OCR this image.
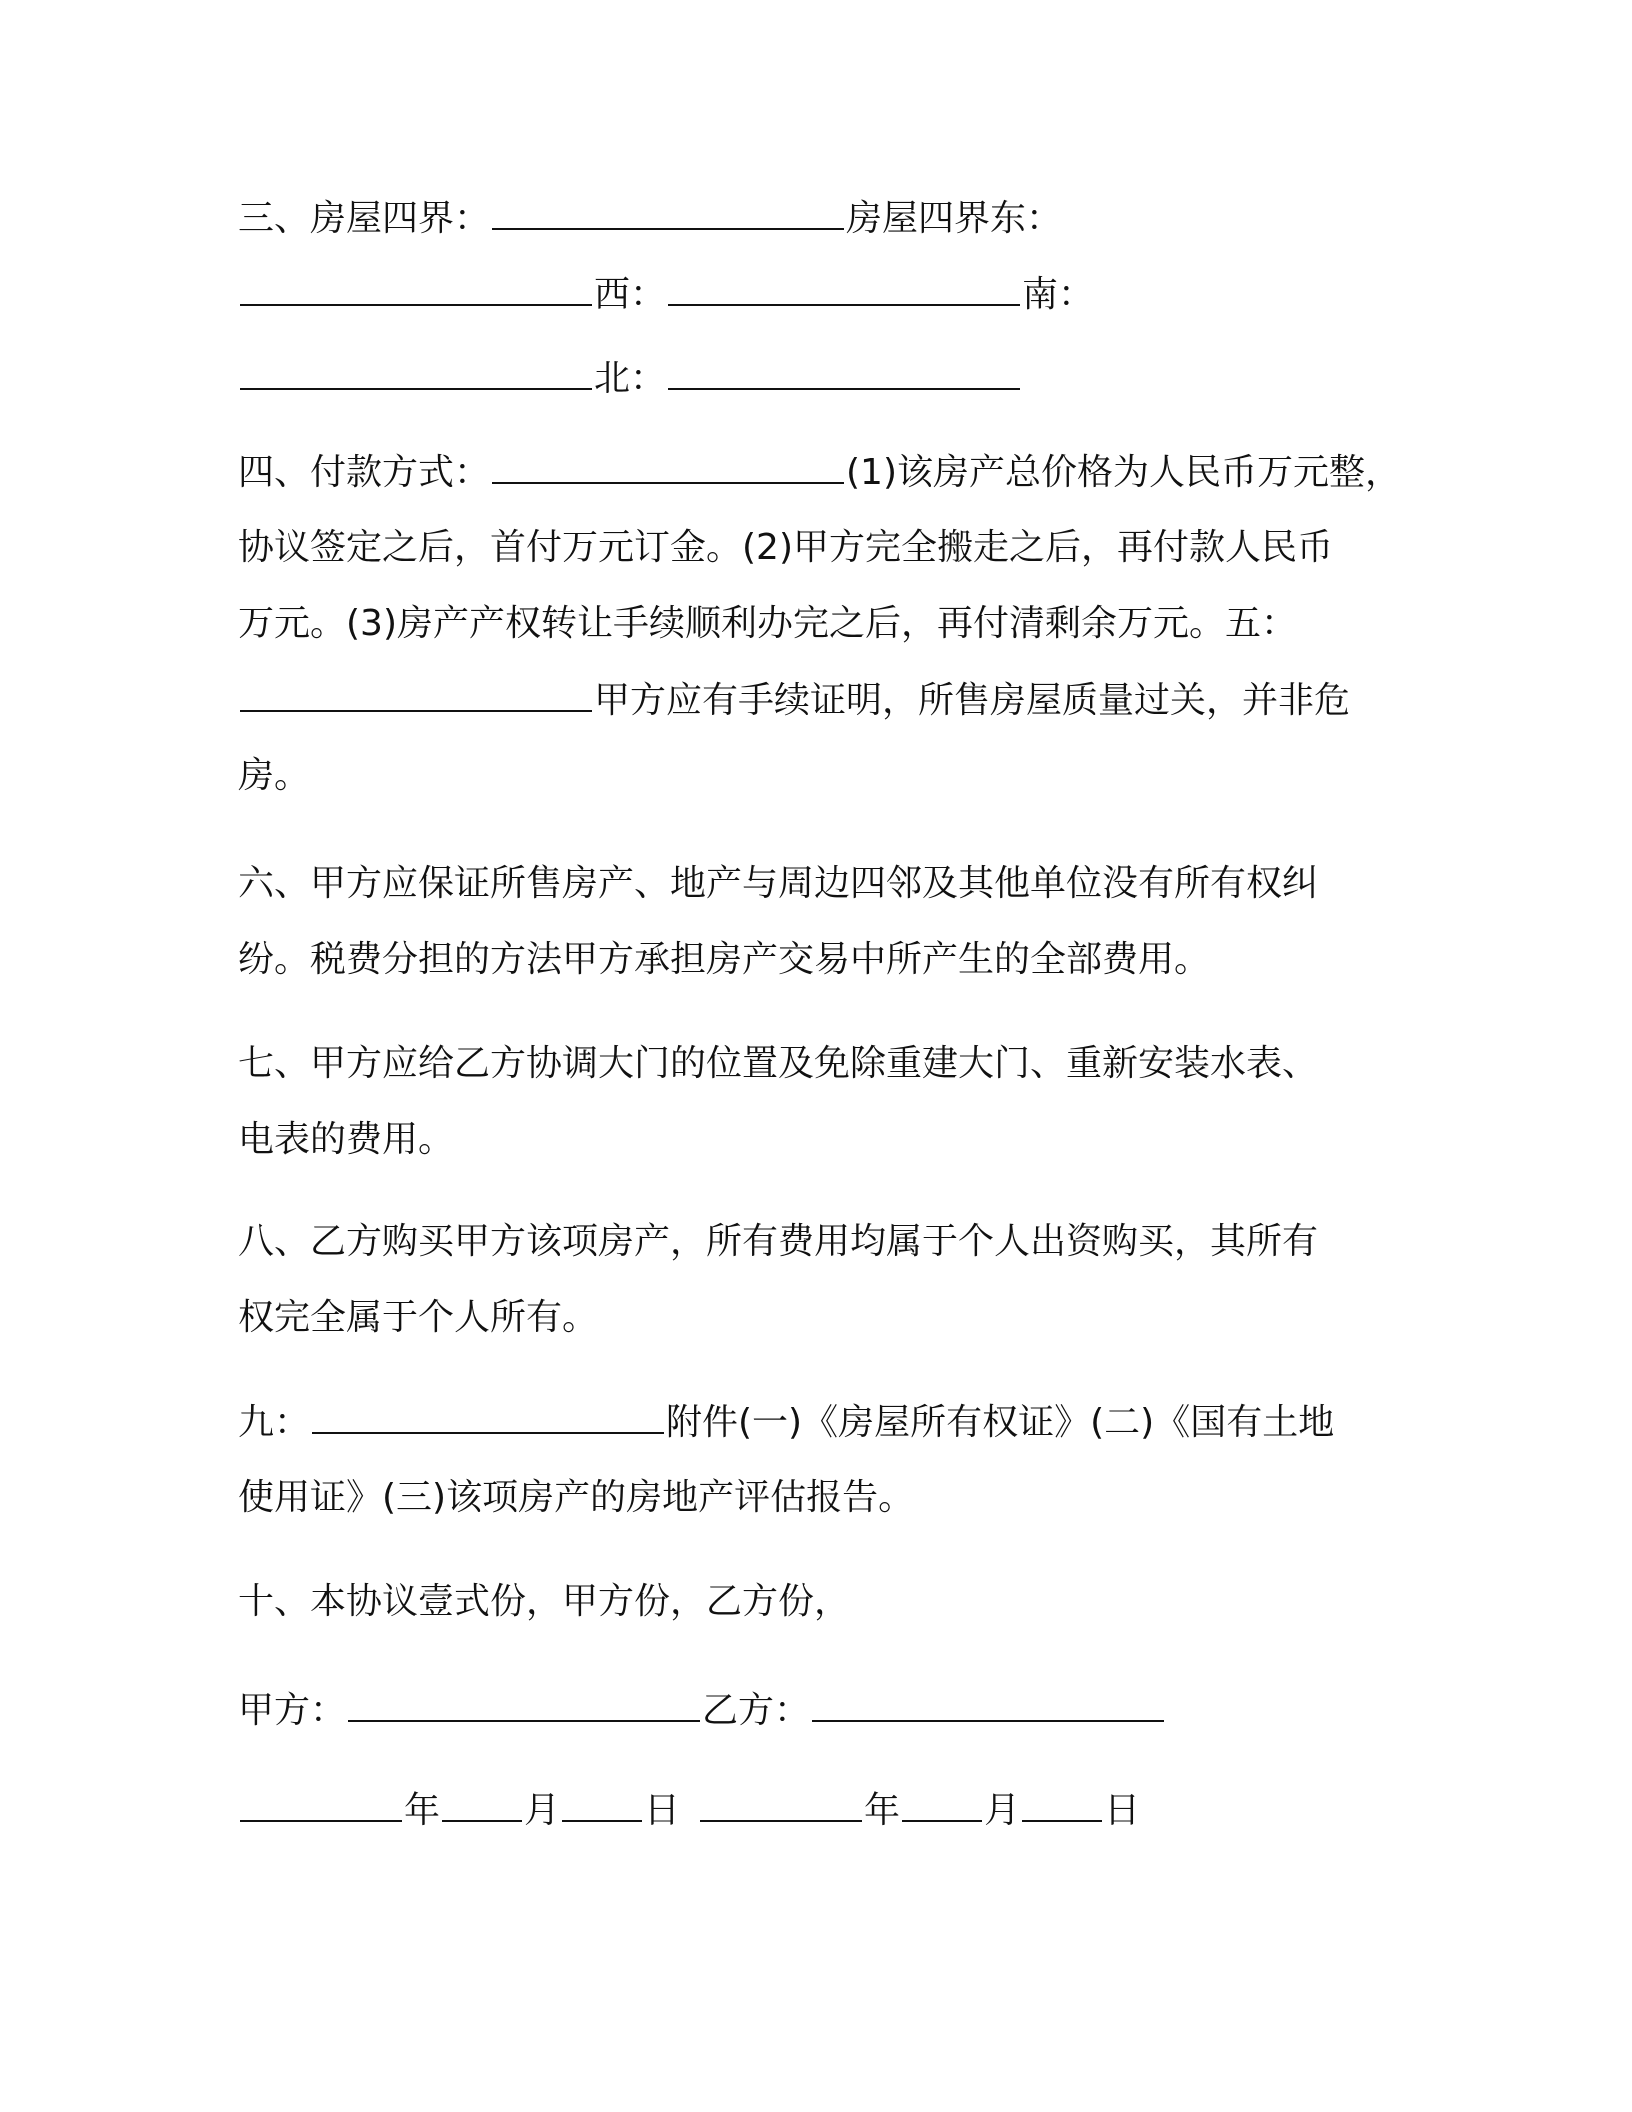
三、房屋四界：	房屋四界东：
西：	南：
北：
四、付款方式：	(1)该房产总价格为人民币万元整，
协议签定之后，首付万元订金。(2)甲方完全搬走之后，再付款人民币
万元。(3)房产产权转让手续顺利办完之后，再付清剩余万元。五：
甲方应有手续证明，所售房屋质量过关，并非危
房。
六、甲方应保证所售房产、地产与周边四邻及其他单位没有所有权纠
纷。税费分担的方法甲方承担房产交易中所产生的全部费用。
七、甲方应给乙方协调大门的位置及免除重建大门、重新安装水表、
电表的费用。
八、乙方购买甲方该项房产，所有费用均属于个人出资购买，其所有
权完全属于个人所有。
九：	附件(一)《房屋所有权证》(二)《国有土地
使用证》(三)该项房产的房地产评估报告。
十、本协议壹式份，甲方份，乙方份，
甲方：	乙方：
年 月 日	年 月 日
